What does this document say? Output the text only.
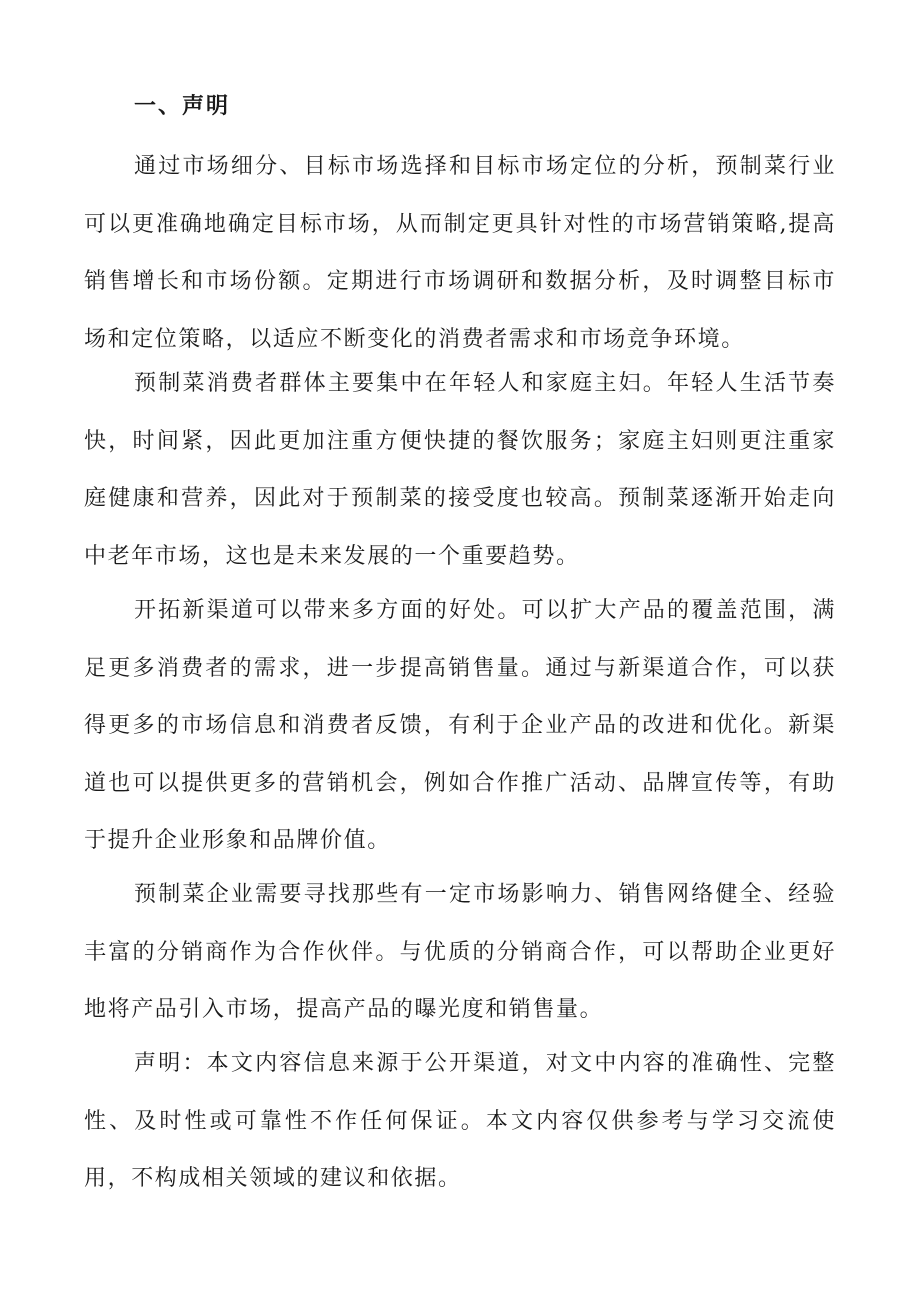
一、声明

通过市场细分、目标市场选择和目标市场定位的分析，预制菜行业可以更准确地确定目标市场，从而制定更具针对性的市场营销策略,提高销售增长和市场份额。定期进行市场调研和数据分析，及时调整目标市场和定位策略，以适应不断变化的消费者需求和市场竞争环境。

预制菜消费者群体主要集中在年轻人和家庭主妇。年轻人生活节奏快，时间紧，因此更加注重方便快捷的餐饮服务；家庭主妇则更注重家庭健康和营养，因此对于预制菜的接受度也较高。预制菜逐渐开始走向中老年市场，这也是未来发展的一个重要趋势。

开拓新渠道可以带来多方面的好处。可以扩大产品的覆盖范围，满足更多消费者的需求，进一步提高销售量。通过与新渠道合作，可以获得更多的市场信息和消费者反馈，有利于企业产品的改进和优化。新渠道也可以提供更多的营销机会，例如合作推广活动、品牌宣传等，有助于提升企业形象和品牌价值。

预制菜企业需要寻找那些有一定市场影响力、销售网络健全、经验丰富的分销商作为合作伙伴。与优质的分销商合作，可以帮助企业更好地将产品引入市场，提高产品的曝光度和销售量。

声明：本文内容信息来源于公开渠道，对文中内容的准确性、完整性、及时性或可靠性不作任何保证。本文内容仅供参考与学习交流使用，不构成相关领域的建议和依据。
